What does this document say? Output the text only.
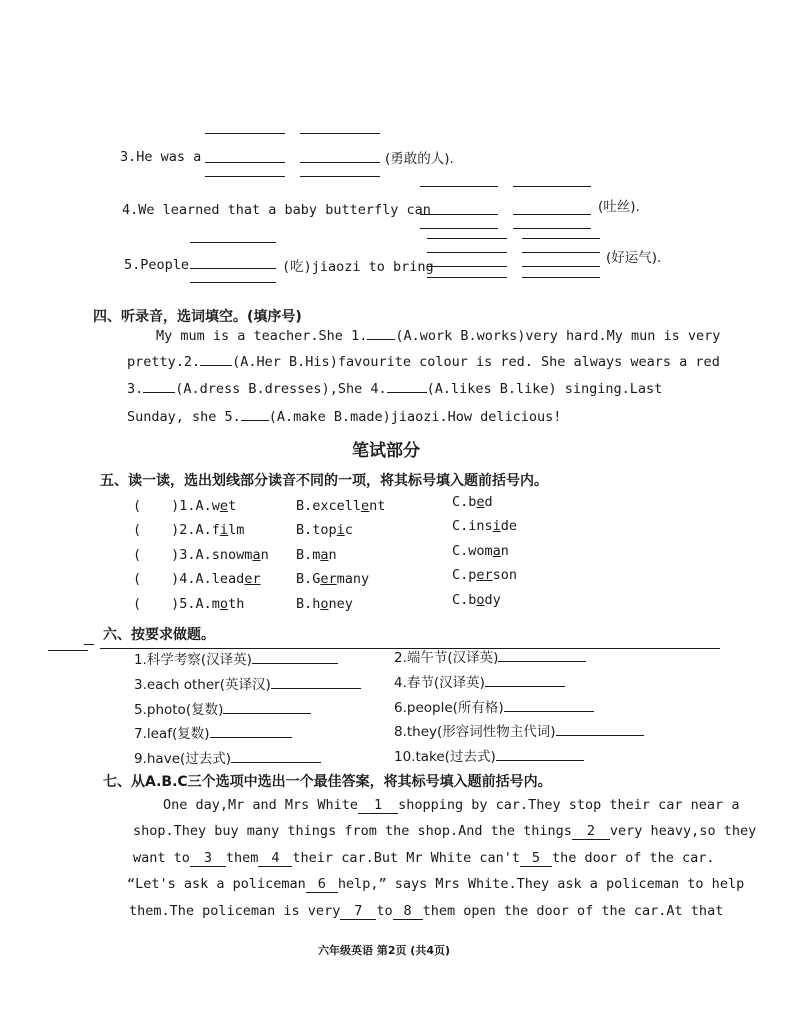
3.He was a	(勇敢的人).
4.We learned that a baby butterfly can	(吐丝).
5.People	(吃)jiaozi to bring
(好运气).
四、听录音，选词填空。(填序号)
My mum is a teacher.She 1. (A.work B.works)very hard.My mun is very
pretty.2. (A.Her B.His)favourite colour is red. She always wears a red
3. (A.dress B.dresses),She 4.	(A.likes B.like) singing.Last
Sunday, she 5. (A.make B.made)jiaozi.How delicious!
笔试部分
五、读一读，选出划线部分读音不同的一项，将其标号填入题前括号内。
( )1.A.wet	B.excellent	C.bed
( )2.A.film	B.topic	C.inside
( )3.A.snowman B.man	C.woman
( )4.A.leader	B.Germany	C.person
( )5.A.moth	B.honey	C.body
六、按要求做题。
1.科学考察(汉译英)	2.端午节(汉译英)
3.each other(英译汉)	4.春节(汉译英)
5.photo(复数)	6.people(所有格)
7.leaf(复数)	8.they(形容词性物主代词)
9.have(过去式)	10.take(过去式)
七、从A.B.C三个选项中选出一个最佳答案，将其标号填入题前括号内。
One day,Mr and Mrs White 1 shopping by car.They stop their car near a
shop.They buy many things from the shop.And the things 2 very heavy,so they
want to 3 them 4 their car.But Mr White can't 5 the door of the car.
“Let's ask a policeman 6 help,” says Mrs White.They ask a policeman to help
them.The policeman is very 7 to 8 them open the door of the car.At that
六年级英语 第2页 (共4页)
